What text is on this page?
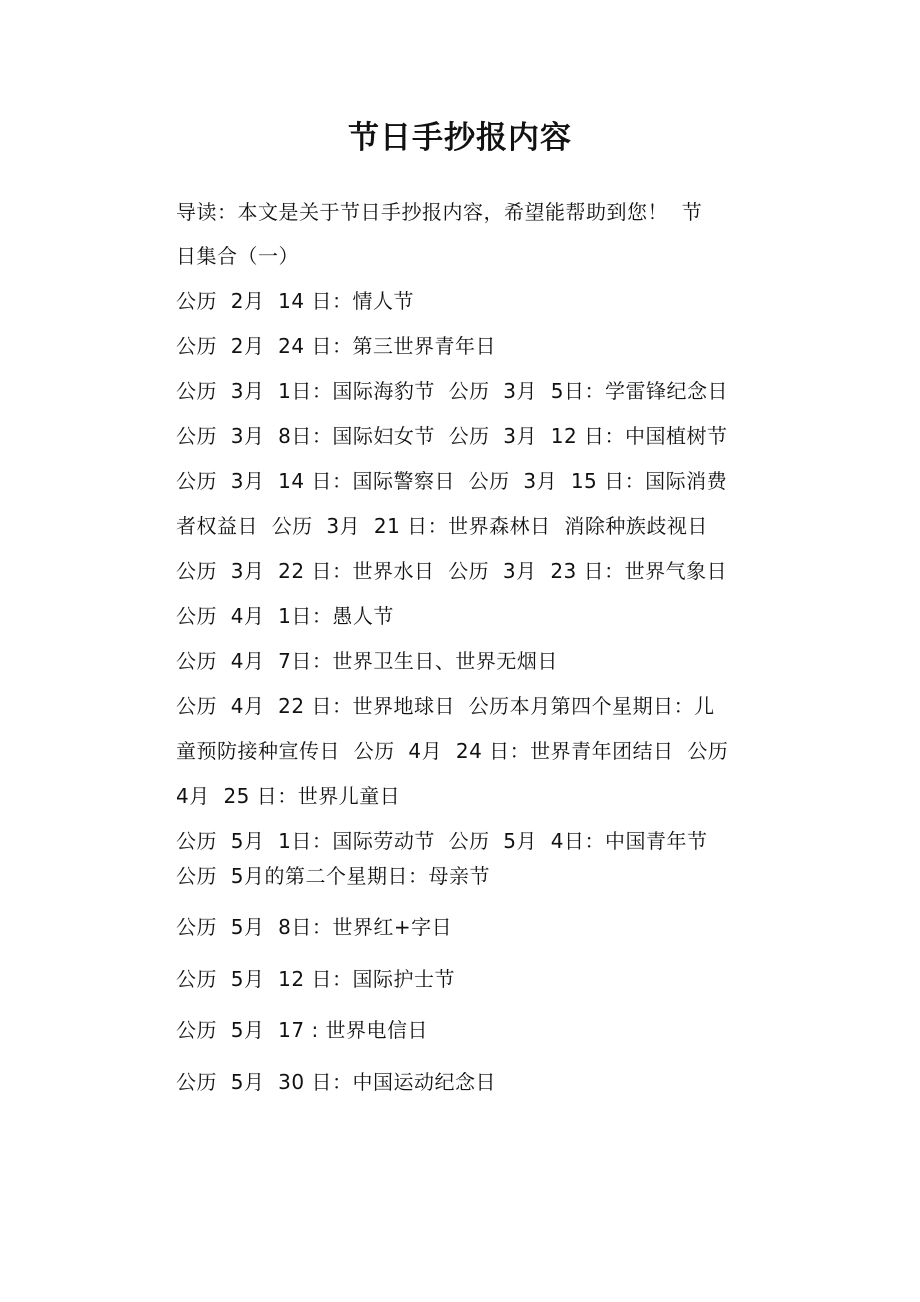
节日手抄报内容
导读：本文是关于节日手抄报内容，希望能帮助到您！  节
日集合（一）
公历  2月  14 日：情人节
公历  2月  24 日：第三世界青年日
公历  3月  1日：国际海豹节  公历  3月  5日：学雷锋纪念日
公历  3月  8日：国际妇女节  公历  3月  12 日：中国植树节
公历  3月  14 日：国际警察日  公历  3月  15 日：国际消费
者权益日  公历  3月  21 日：世界森林日  消除种族歧视日
公历  3月  22 日：世界水日  公历  3月  23 日：世界气象日
公历  4月  1日：愚人节
公历  4月  7日：世界卫生日、世界无烟日
公历  4月  22 日：世界地球日  公历本月第四个星期日：儿
童预防接种宣传日  公历  4月  24 日：世界青年团结日  公历
4月  25 日：世界儿童日
公历  5月  1日：国际劳动节  公历  5月  4日：中国青年节
公历  5月的第二个星期日：母亲节
公历  5月  8日：世界红+字日
公历  5月  12 日：国际护士节
公历  5月  17 : 世界电信日
公历  5月  30 日：中国运动纪念日
